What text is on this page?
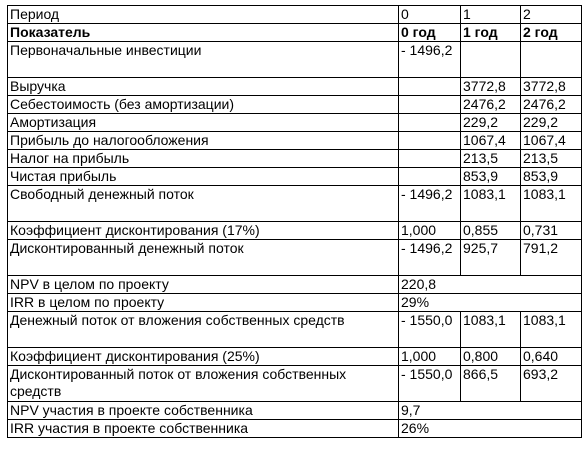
Период	0	1	2
Показатель	0 год	1 год	2 год
Первоначальные инвестиции	- 1496,2		
Выручка		3772,8	3772,8
Себестоимость (без амортизации)		2476,2	2476,2
Амортизация		229,2	229,2
Прибыль до налогообложения		1067,4	1067,4
Налог на прибыль		213,5	213,5
Чистая прибыль		853,9	853,9
Свободный денежный поток	- 1496,2	1083,1	1083,1
Коэффициент дисконтирования (17%)	1,000	0,855	0,731
Дисконтированный денежный поток	- 1496,2	925,7	791,2
NPV в целом по проекту	220,8		
IRR в целом по проекту	29%		
Денежный поток от вложения собственных средств	- 1550,0	1083,1	1083,1
Коэффициент дисконтирования (25%)	1,000	0,800	0,640
Дисконтированный поток от вложения собственных средств	- 1550,0	866,5	693,2
NPV участия в проекте собственника	9,7		
IRR участия в проекте собственника	26%		
